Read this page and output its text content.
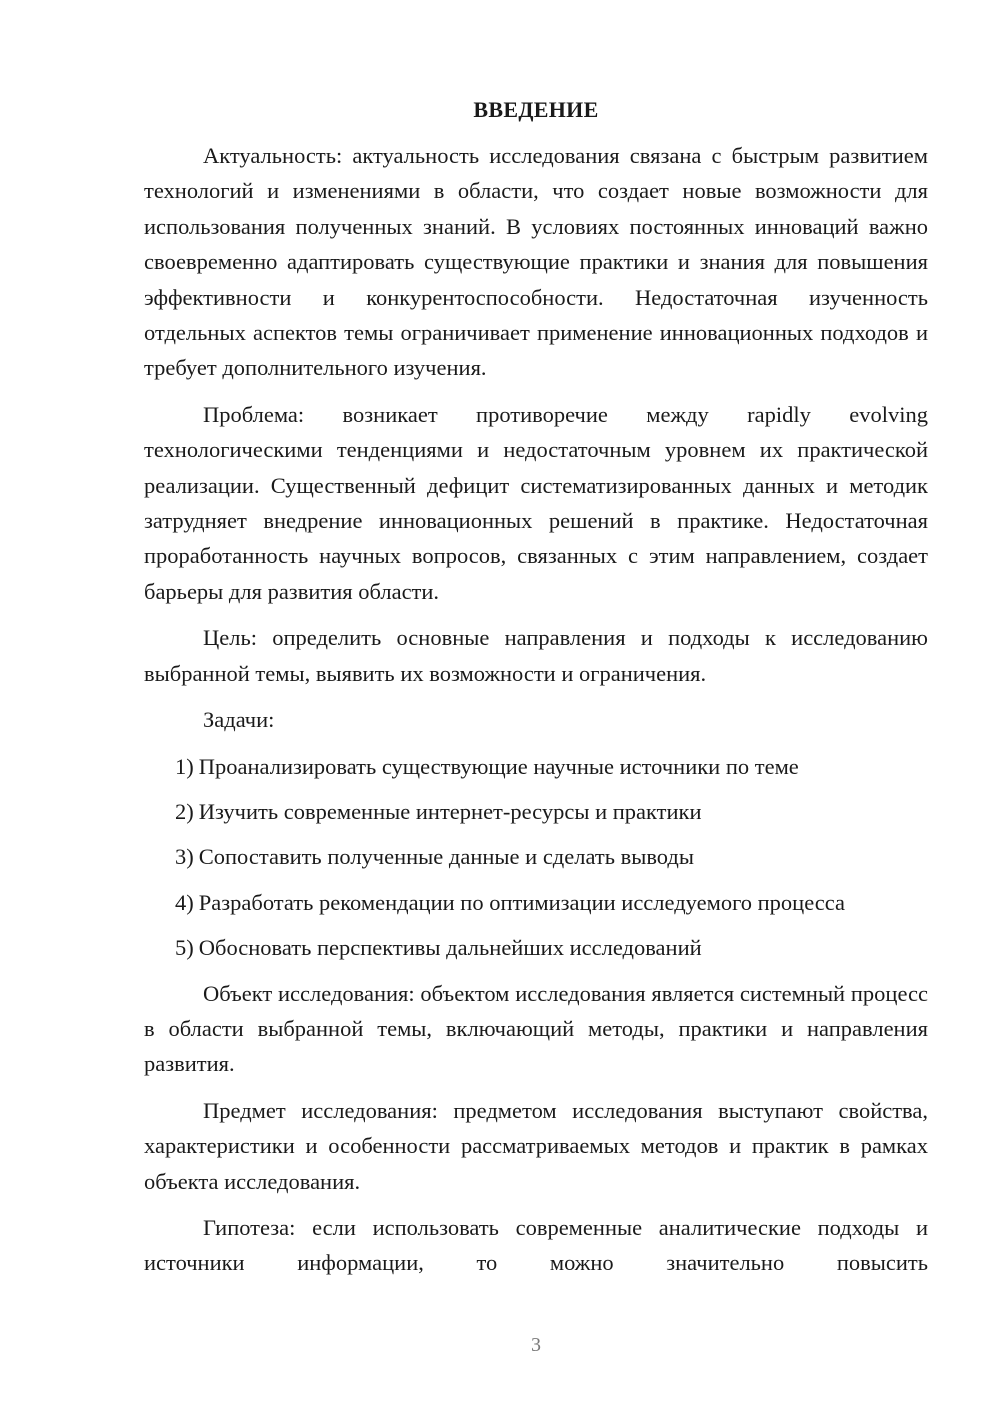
ВВЕДЕНИЕ

Актуальность: актуальность исследования связана с быстрым развитием технологий и изменениями в области, что создает новые возможности для использования полученных знаний. В условиях постоянных инноваций важно своевременно адаптировать существующие практики и знания для повышения эффективности и конкурентоспособности. Недостаточная изученность отдельных аспектов темы ограничивает применение инновационных подходов и требует дополнительного изучения.

Проблема: возникает противоречие между rapidly evolving технологическими тенденциями и недостаточным уровнем их практической реализации. Существенный дефицит систематизированных данных и методик затрудняет внедрение инновационных решений в практике. Недостаточная проработанность научных вопросов, связанных с этим направлением, создает барьеры для развития области.

Цель: определить основные направления и подходы к исследованию выбранной темы, выявить их возможности и ограничения.

Задачи:

1) Проанализировать существующие научные источники по теме
2) Изучить современные интернет-ресурсы и практики
3) Сопоставить полученные данные и сделать выводы
4) Разработать рекомендации по оптимизации исследуемого процесса
5) Обосновать перспективы дальнейших исследований

Объект исследования: объектом исследования является системный процесс в области выбранной темы, включающий методы, практики и направления развития.

Предмет исследования: предметом исследования выступают свойства, характеристики и особенности рассматриваемых методов и практик в рамках объекта исследования.

Гипотеза: если использовать современные аналитические подходы и источники информации, то можно значительно повысить

3
